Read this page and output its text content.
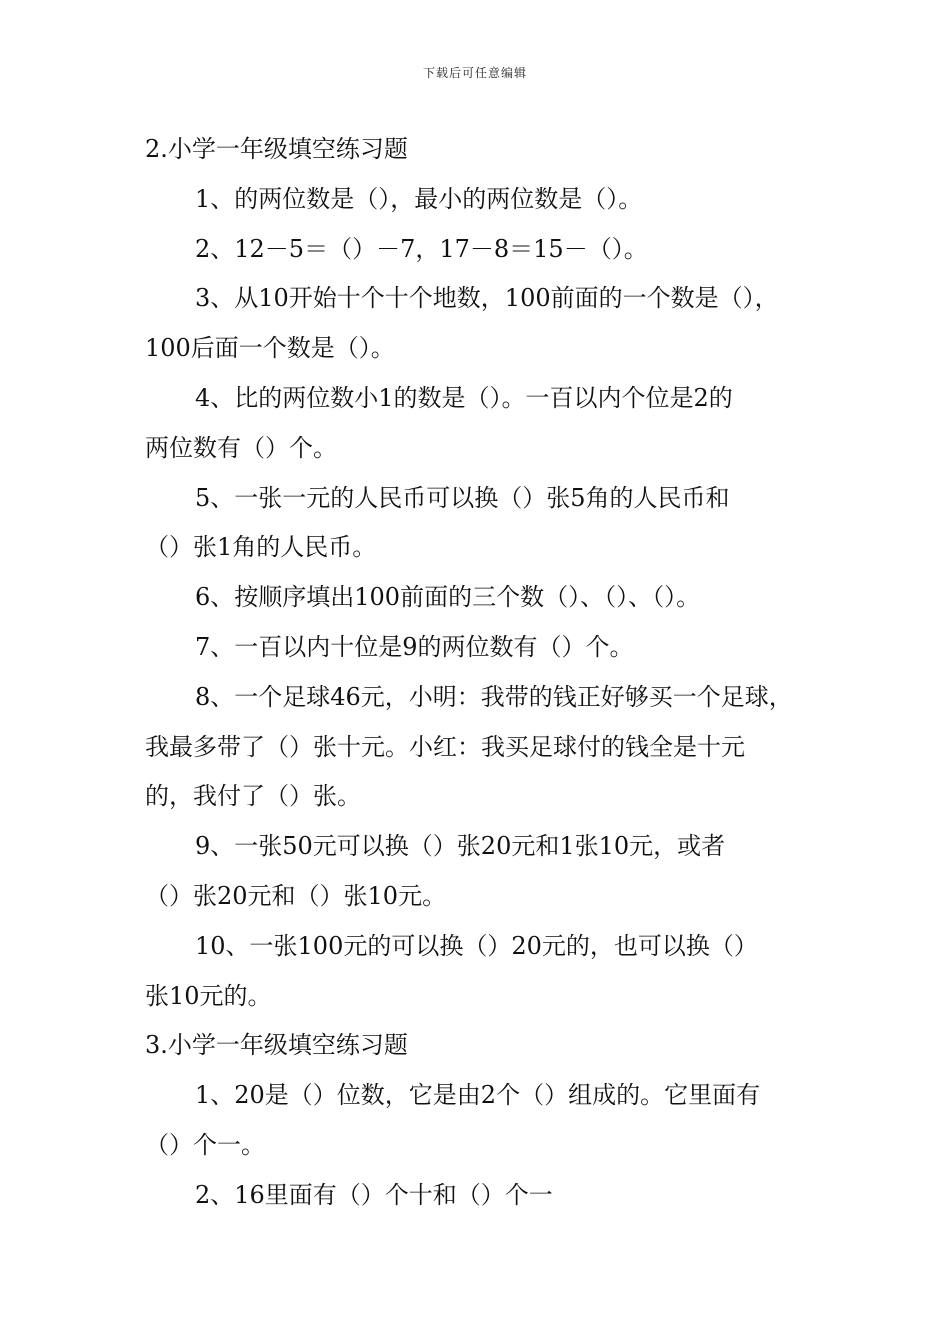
下载后可任意编辑
2.小学一年级填空练习题
1、的两位数是（），最小的两位数是（）。
2、12－5＝（）－7，17－8＝15－（）。
3、从10开始十个十个地数，100前面的一个数是（），
100后面一个数是（）。
4、比的两位数小1的数是（）。一百以内个位是2的
两位数有（）个。
5、一张一元的人民币可以换（）张5角的人民币和
（）张1角的人民币。
6、按顺序填出100前面的三个数（）、（）、（）。
7、一百以内十位是9的两位数有（）个。
8、一个足球46元，小明：我带的钱正好够买一个足球，
我最多带了（）张十元。小红：我买足球付的钱全是十元
的，我付了（）张。
9、一张50元可以换（）张20元和1张10元，或者
（）张20元和（）张10元。
10、一张100元的可以换（）20元的，也可以换（）
张10元的。
3.小学一年级填空练习题
1、20是（）位数，它是由2个（）组成的。它里面有
（）个一。
2、16里面有（）个十和（）个一
